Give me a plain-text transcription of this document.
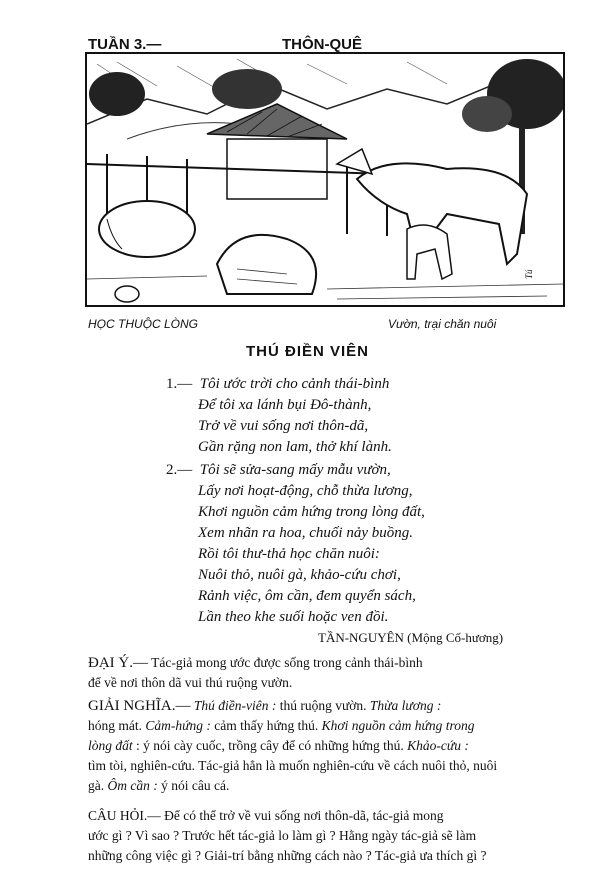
TUẦN 3.—	THÔN-QUÊ
Tú
HỌC THUỘC LÒNG	Vườn, trại chăn nuôi
THÚ ĐIỀN VIÊN
1.— Tôi ước trời cho cảnh thái-bình
Để tôi xa lánh bụi Đô-thành,
Trở về vui sống nơi thôn-dã,
Gần rặng non lam, thở khí lành.
2.— Tôi sẽ sửa-sang mấy mẫu vườn,
Lấy nơi hoạt-động, chỗ thừa lương,
Khơi nguồn cảm hứng trong lòng đất,
Xem nhãn ra hoa, chuối nảy buồng.
Rồi tôi thư-thả học chăn nuôi:
Nuôi thỏ, nuôi gà, khảo-cứu chơi,
Rảnh việc, ôm cần, đem quyển sách,
Lần theo khe suối hoặc ven đồi.
TẦN-NGUYÊN (Mộng Cố-hương)
ĐẠI Ý.— Tác-giả mong ước được sống trong cảnh thái-bình
để về nơi thôn dã vui thú ruộng vườn.
GIẢI NGHĨA.— Thú điền-viên : thú ruộng vườn. Thừa lương :
hóng mát. Cảm-hứng : cảm thấy hứng thú. Khơi nguồn cảm hứng trong
lòng đất : ý nói cày cuốc, trồng cây để có những hứng thú. Khảo-cứu :
tìm tòi, nghiên-cứu. Tác-giả hẳn là muốn nghiên-cứu về cách nuôi thỏ, nuôi
gà. Ôm cần : ý nói câu cá.
CÂU HỎI.— Để có thể trở về vui sống nơi thôn-dã, tác-giả mong
ước gì ? Vì sao ? Trước hết tác-giả lo làm gì ? Hằng ngày tác-giả sẽ làm
những công việc gì ? Giải-trí bằng những cách nào ? Tác-giả ưa thích gì ?
